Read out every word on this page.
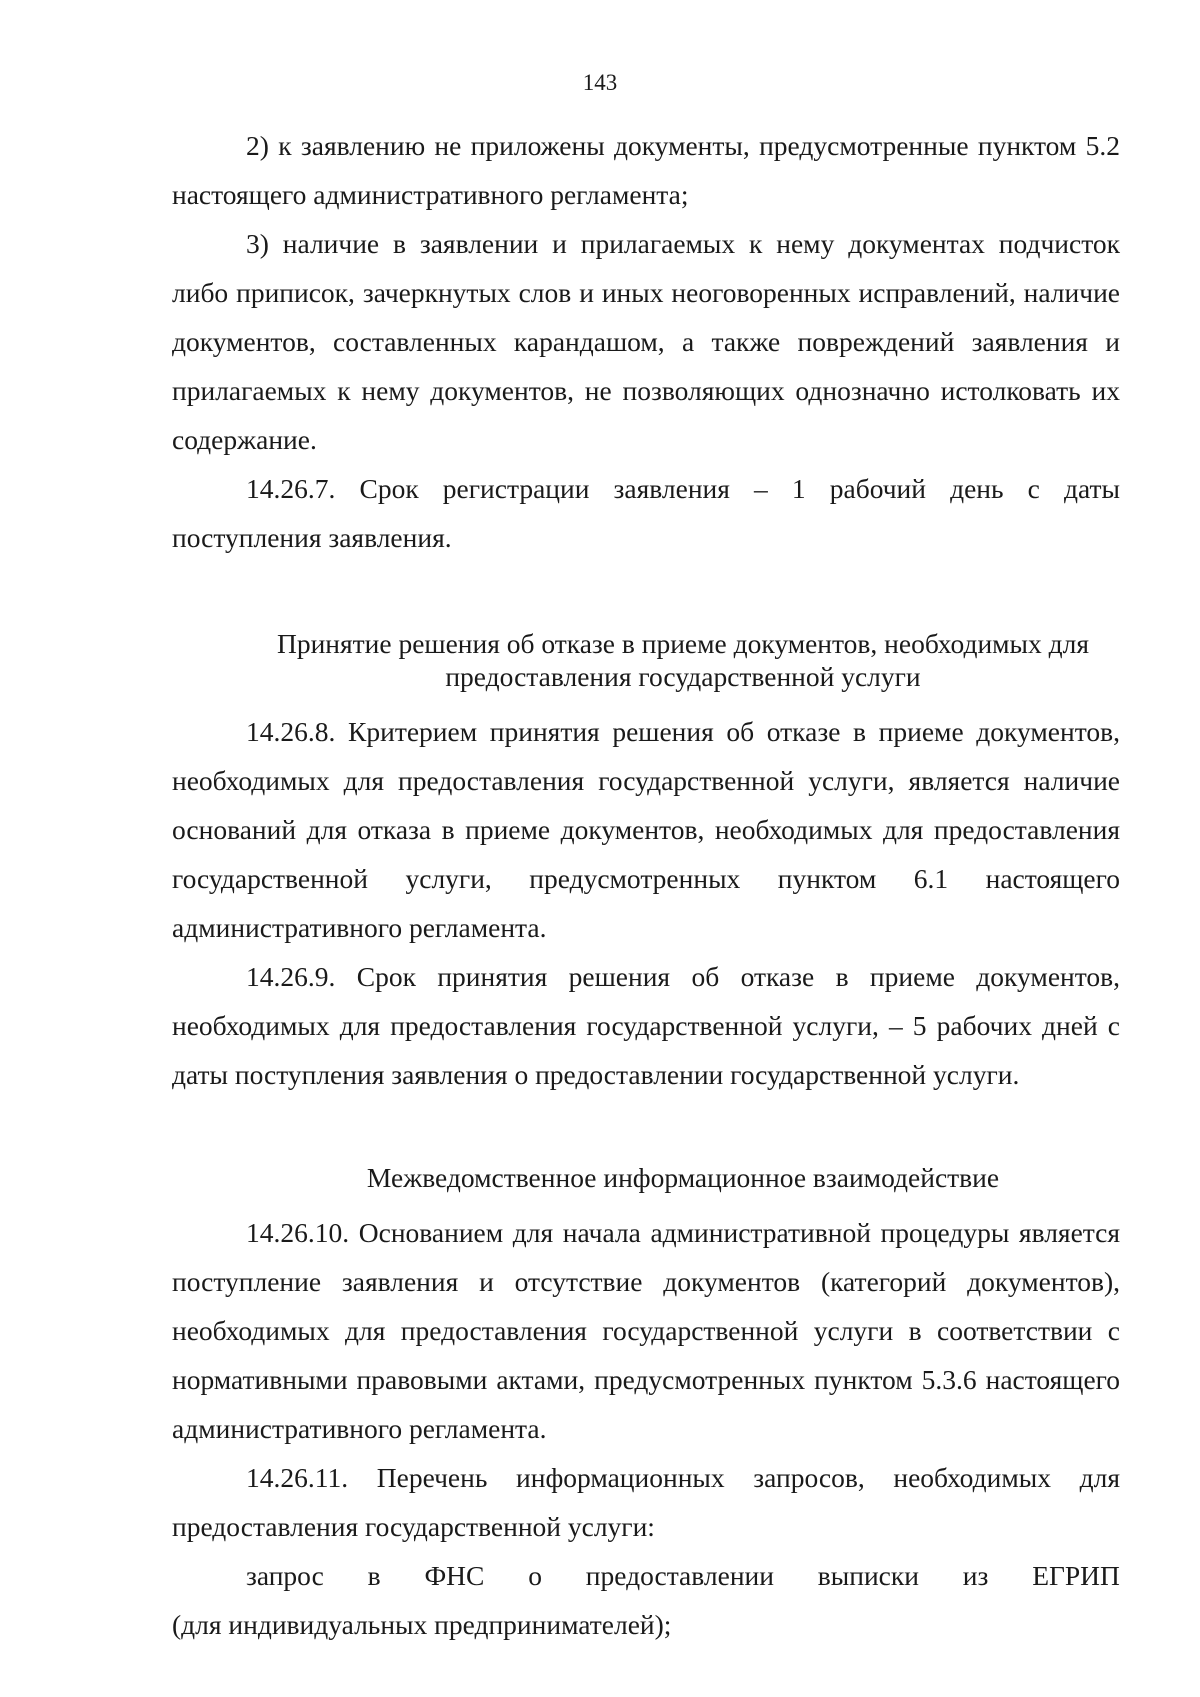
143

2) к заявлению не приложены документы, предусмотренные пунктом 5.2 настоящего административного регламента;

3) наличие в заявлении и прилагаемых к нему документах подчисток либо приписок, зачеркнутых слов и иных неоговоренных исправлений, наличие документов, составленных карандашом, а также повреждений заявления и прилагаемых к нему документов, не позволяющих однозначно истолковать их содержание.

14.26.7. Срок регистрации заявления – 1 рабочий день с даты поступления заявления.

Принятие решения об отказе в приеме документов, необходимых для предоставления государственной услуги

14.26.8. Критерием принятия решения об отказе в приеме документов, необходимых для предоставления государственной услуги, является наличие оснований для отказа в приеме документов, необходимых для предоставления государственной услуги, предусмотренных пунктом 6.1 настоящего административного регламента.

14.26.9. Срок принятия решения об отказе в приеме документов, необходимых для предоставления государственной услуги, – 5 рабочих дней с даты поступления заявления о предоставлении государственной услуги.

Межведомственное информационное взаимодействие

14.26.10. Основанием для начала административной процедуры является поступление заявления и отсутствие документов (категорий документов), необходимых для предоставления государственной услуги в соответствии с нормативными правовыми актами, предусмотренных пунктом 5.3.6 настоящего административного регламента.

14.26.11. Перечень информационных запросов, необходимых для предоставления государственной услуги:

запрос в ФНС о предоставлении выписки из ЕГРИП

(для индивидуальных предпринимателей);
